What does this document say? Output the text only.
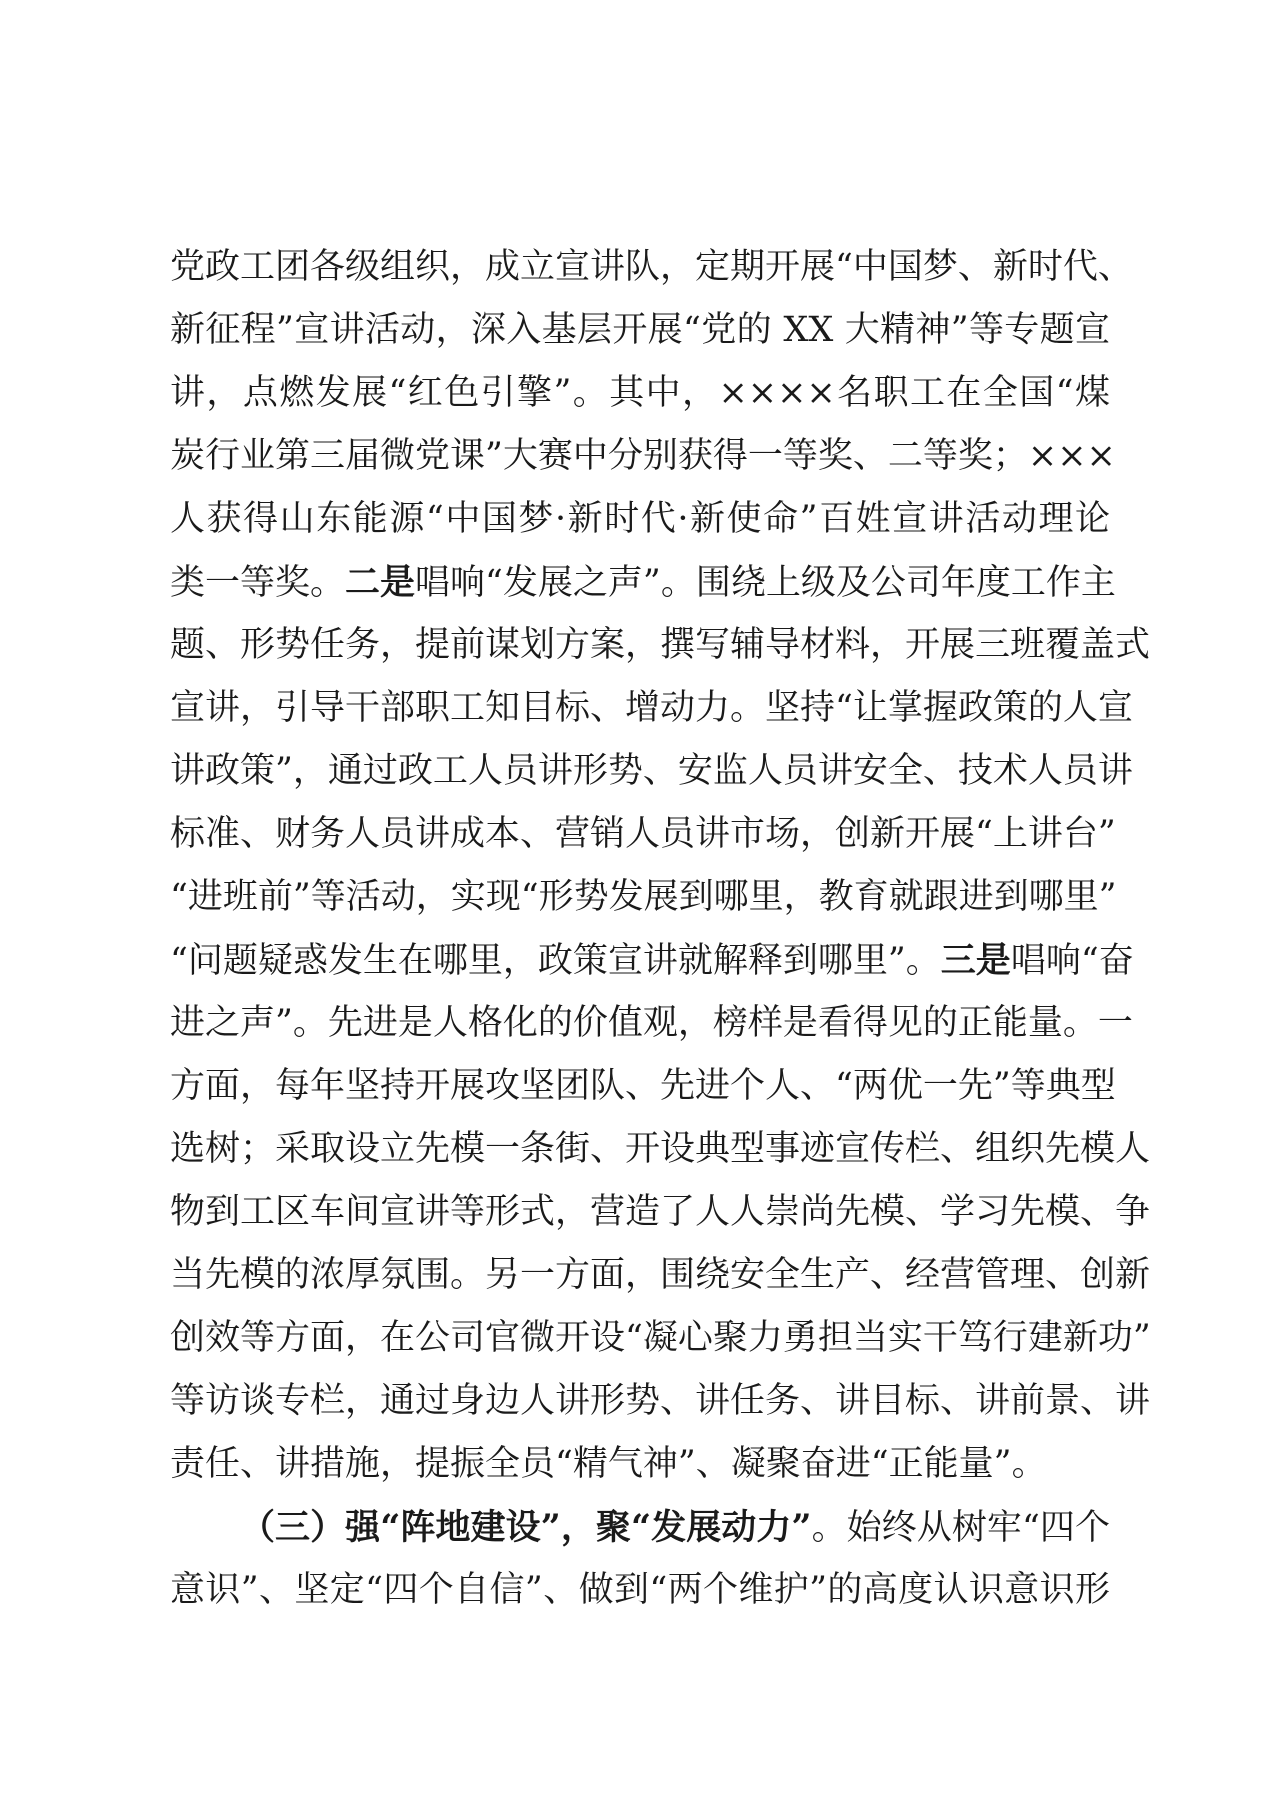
党政工团各级组织，成立宣讲队，定期开展“中国梦、新时代、
新征程”宣讲活动，深入基层开展“党的 XX 大精神”等专题宣
讲，点燃发展“红色引擎”。其中，××××名职工在全国“煤
炭行业第三届微党课”大赛中分别获得一等奖、二等奖；×××
人获得山东能源“中国梦·新时代·新使命”百姓宣讲活动理论
类一等奖。二是唱响“发展之声”。围绕上级及公司年度工作主
题、形势任务，提前谋划方案，撰写辅导材料，开展三班覆盖式
宣讲，引导干部职工知目标、增动力。坚持“让掌握政策的人宣
讲政策”，通过政工人员讲形势、安监人员讲安全、技术人员讲
标准、财务人员讲成本、营销人员讲市场，创新开展“上讲台”
“进班前”等活动，实现“形势发展到哪里，教育就跟进到哪里”
“问题疑惑发生在哪里，政策宣讲就解释到哪里”。三是唱响“奋
进之声”。先进是人格化的价值观，榜样是看得见的正能量。一
方面，每年坚持开展攻坚团队、先进个人、“两优一先”等典型
选树；采取设立先模一条街、开设典型事迹宣传栏、组织先模人
物到工区车间宣讲等形式，营造了人人崇尚先模、学习先模、争
当先模的浓厚氛围。另一方面，围绕安全生产、经营管理、创新
创效等方面，在公司官微开设“凝心聚力勇担当实干笃行建新功”
等访谈专栏，通过身边人讲形势、讲任务、讲目标、讲前景、讲
责任、讲措施，提振全员“精气神”、凝聚奋进“正能量”。
（三）强“阵地建设”，聚“发展动力”。始终从树牢“四个
意识”、坚定“四个自信”、做到“两个维护”的高度认识意识形
